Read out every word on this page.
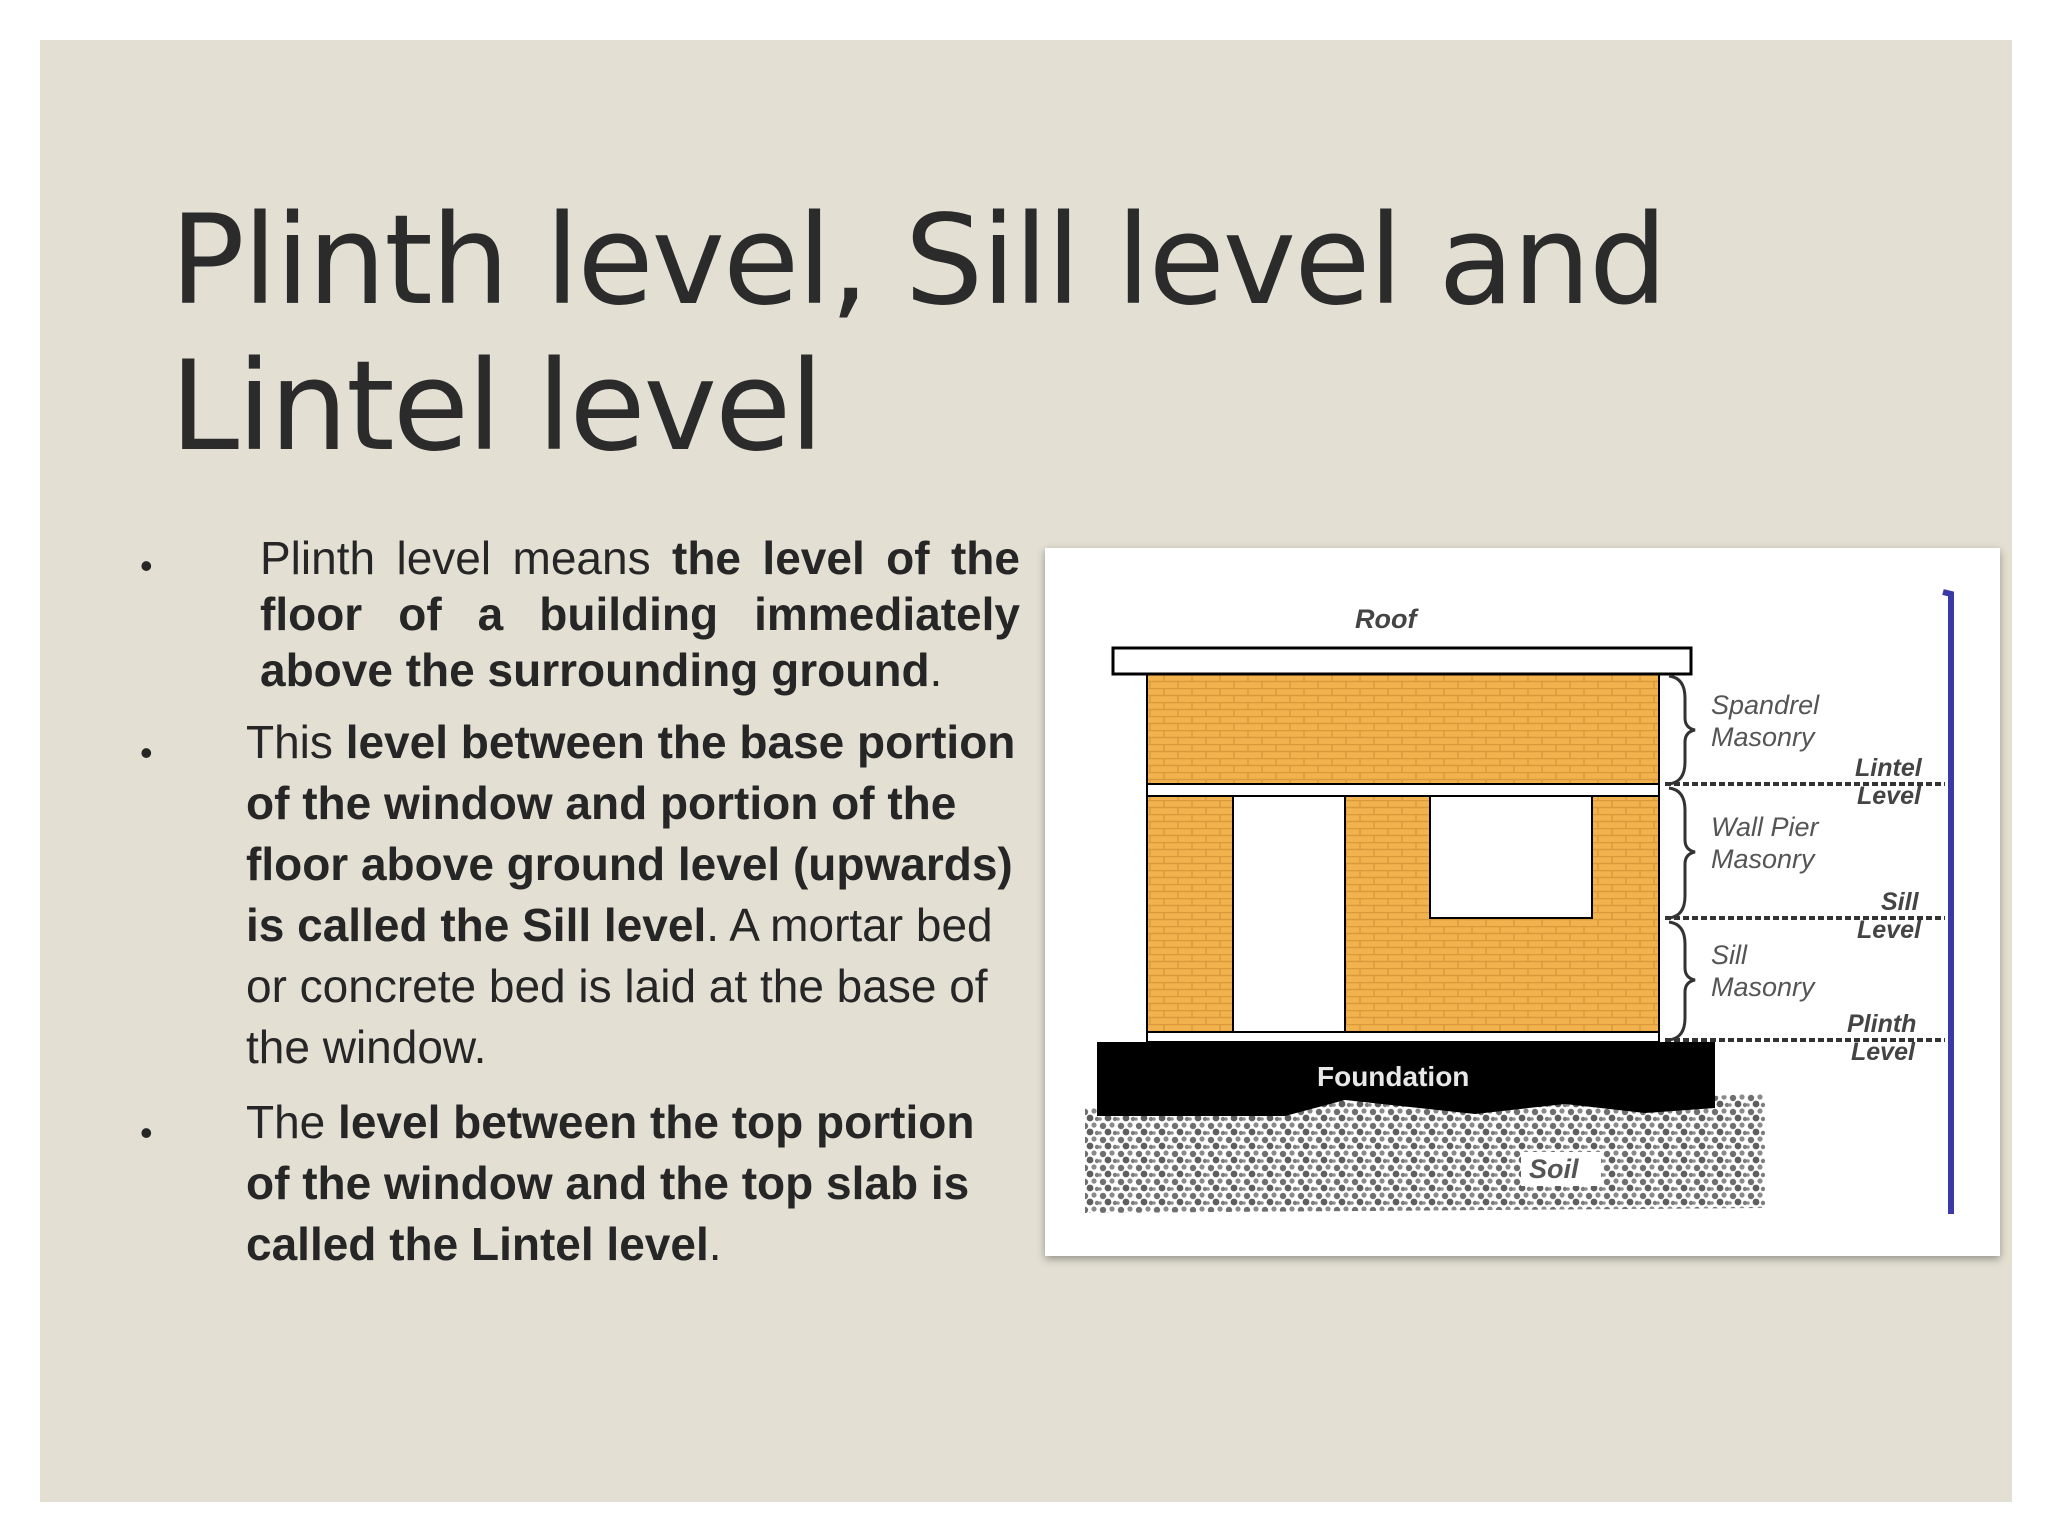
Plinth level, Sill level and Lintel level
• Plinth level means the level of the floor of a building immediately above the surrounding ground.
• This level between the base portion of the window and portion of the floor above ground level (upwards) is called the Sill level. A mortar bed or concrete bed is laid at the base of the window.
• The level between the top portion of the window and the top slab is called the Lintel level.
Roof
Spandrel
Masonry
Wall Pier
Masonry
Sill
Masonry
Lintel
Level
Sill
Level
Plinth
Level
Foundation
Soil
